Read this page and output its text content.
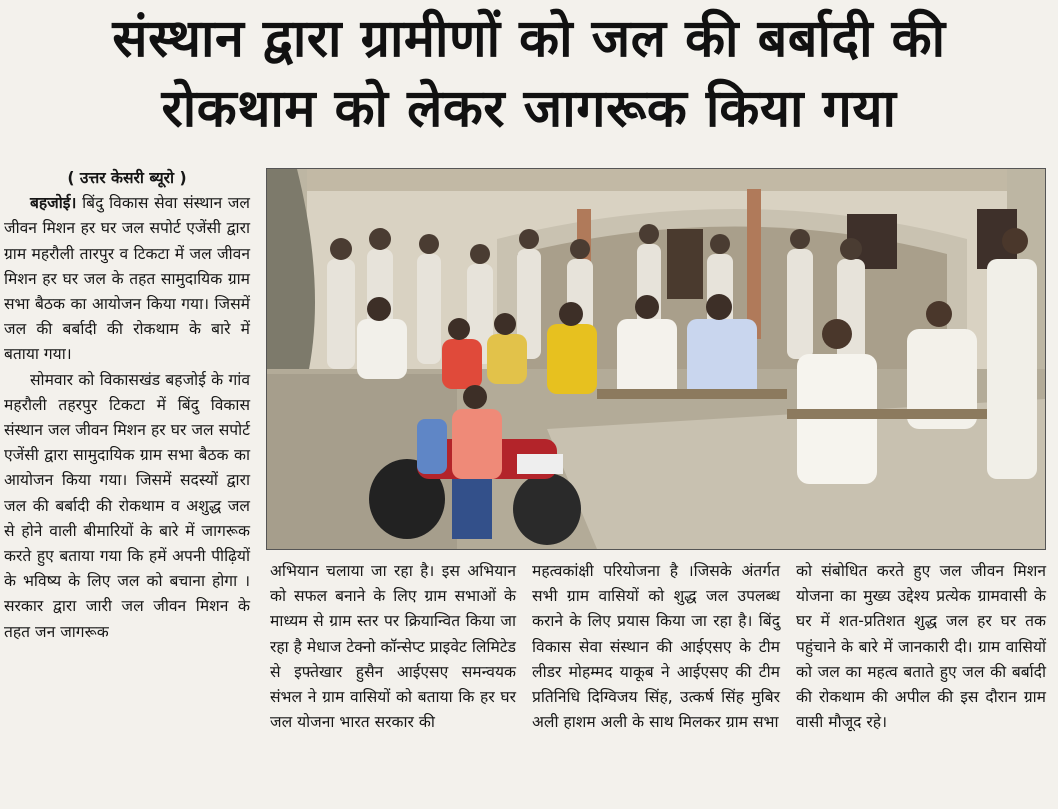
संस्थान द्वारा ग्रामीणों को जल की बर्बादी की
रोकथाम को लेकर जागरूक किया गया

( उत्तर केसरी ब्यूरो )

बहजोई। बिंदु विकास सेवा संस्थान जल जीवन मिशन हर घर जल सपोर्ट एजेंसी द्वारा ग्राम महरौली तारपुर व टिकटा में जल जीवन मिशन हर घर जल के तहत सामुदायिक ग्राम सभा बैठक का आयोजन किया गया। जिसमें जल की बर्बादी की रोकथाम के बारे में बताया गया।

सोमवार को विकासखंड बहजोई के गांव महरौली तहरपुर टिकटा में बिंदु विकास संस्थान जल जीवन मिशन हर घर जल सपोर्ट एजेंसी द्वारा सामुदायिक ग्राम सभा बैठक का आयोजन किया गया। जिसमें सदस्यों द्वारा जल की बर्बादी की रोकथाम व अशुद्ध जल से होने वाली बीमारियों के बारे में जागरूक करते हुए बताया गया कि हमें अपनी पीढ़ियों के भविष्य के लिए जल को बचाना होगा । सरकार द्वारा जारी जल जीवन मिशन के तहत जन जागरूक

अभियान चलाया जा रहा है। इस अभियान को सफल बनाने के लिए ग्राम सभाओं के माध्यम से ग्राम स्तर पर क्रियान्वित किया जा रहा है मेधाज टेक्नो कॉन्सेप्ट प्राइवेट लिमिटेड से इफ्तेखार हुसैन आईएसए समन्वयक संभल ने ग्राम वासियों को बताया कि हर घर जल योजना भारत सरकार की

महत्वकांक्षी परियोजना है ।जिसके अंतर्गत सभी ग्राम वासियों को शुद्ध जल उपलब्ध कराने के लिए प्रयास किया जा रहा है। बिंदु विकास सेवा संस्थान की आईएसए के टीम लीडर मोहम्मद याकूब ने आईएसए की टीम प्रतिनिधि दिग्विजय सिंह, उत्कर्ष सिंह मुबिर अली हाशम अली के साथ मिलकर ग्राम सभा

को संबोधित करते हुए जल जीवन मिशन योजना का मुख्य उद्देश्य प्रत्येक ग्रामवासी के घर में शत-प्रतिशत शुद्ध जल हर घर तक पहुंचाने के बारे में जानकारी दी। ग्राम वासियों को जल का महत्व बताते हुए जल की बर्बादी की रोकथाम की अपील की इस दौरान ग्राम वासी मौजूद रहे।
